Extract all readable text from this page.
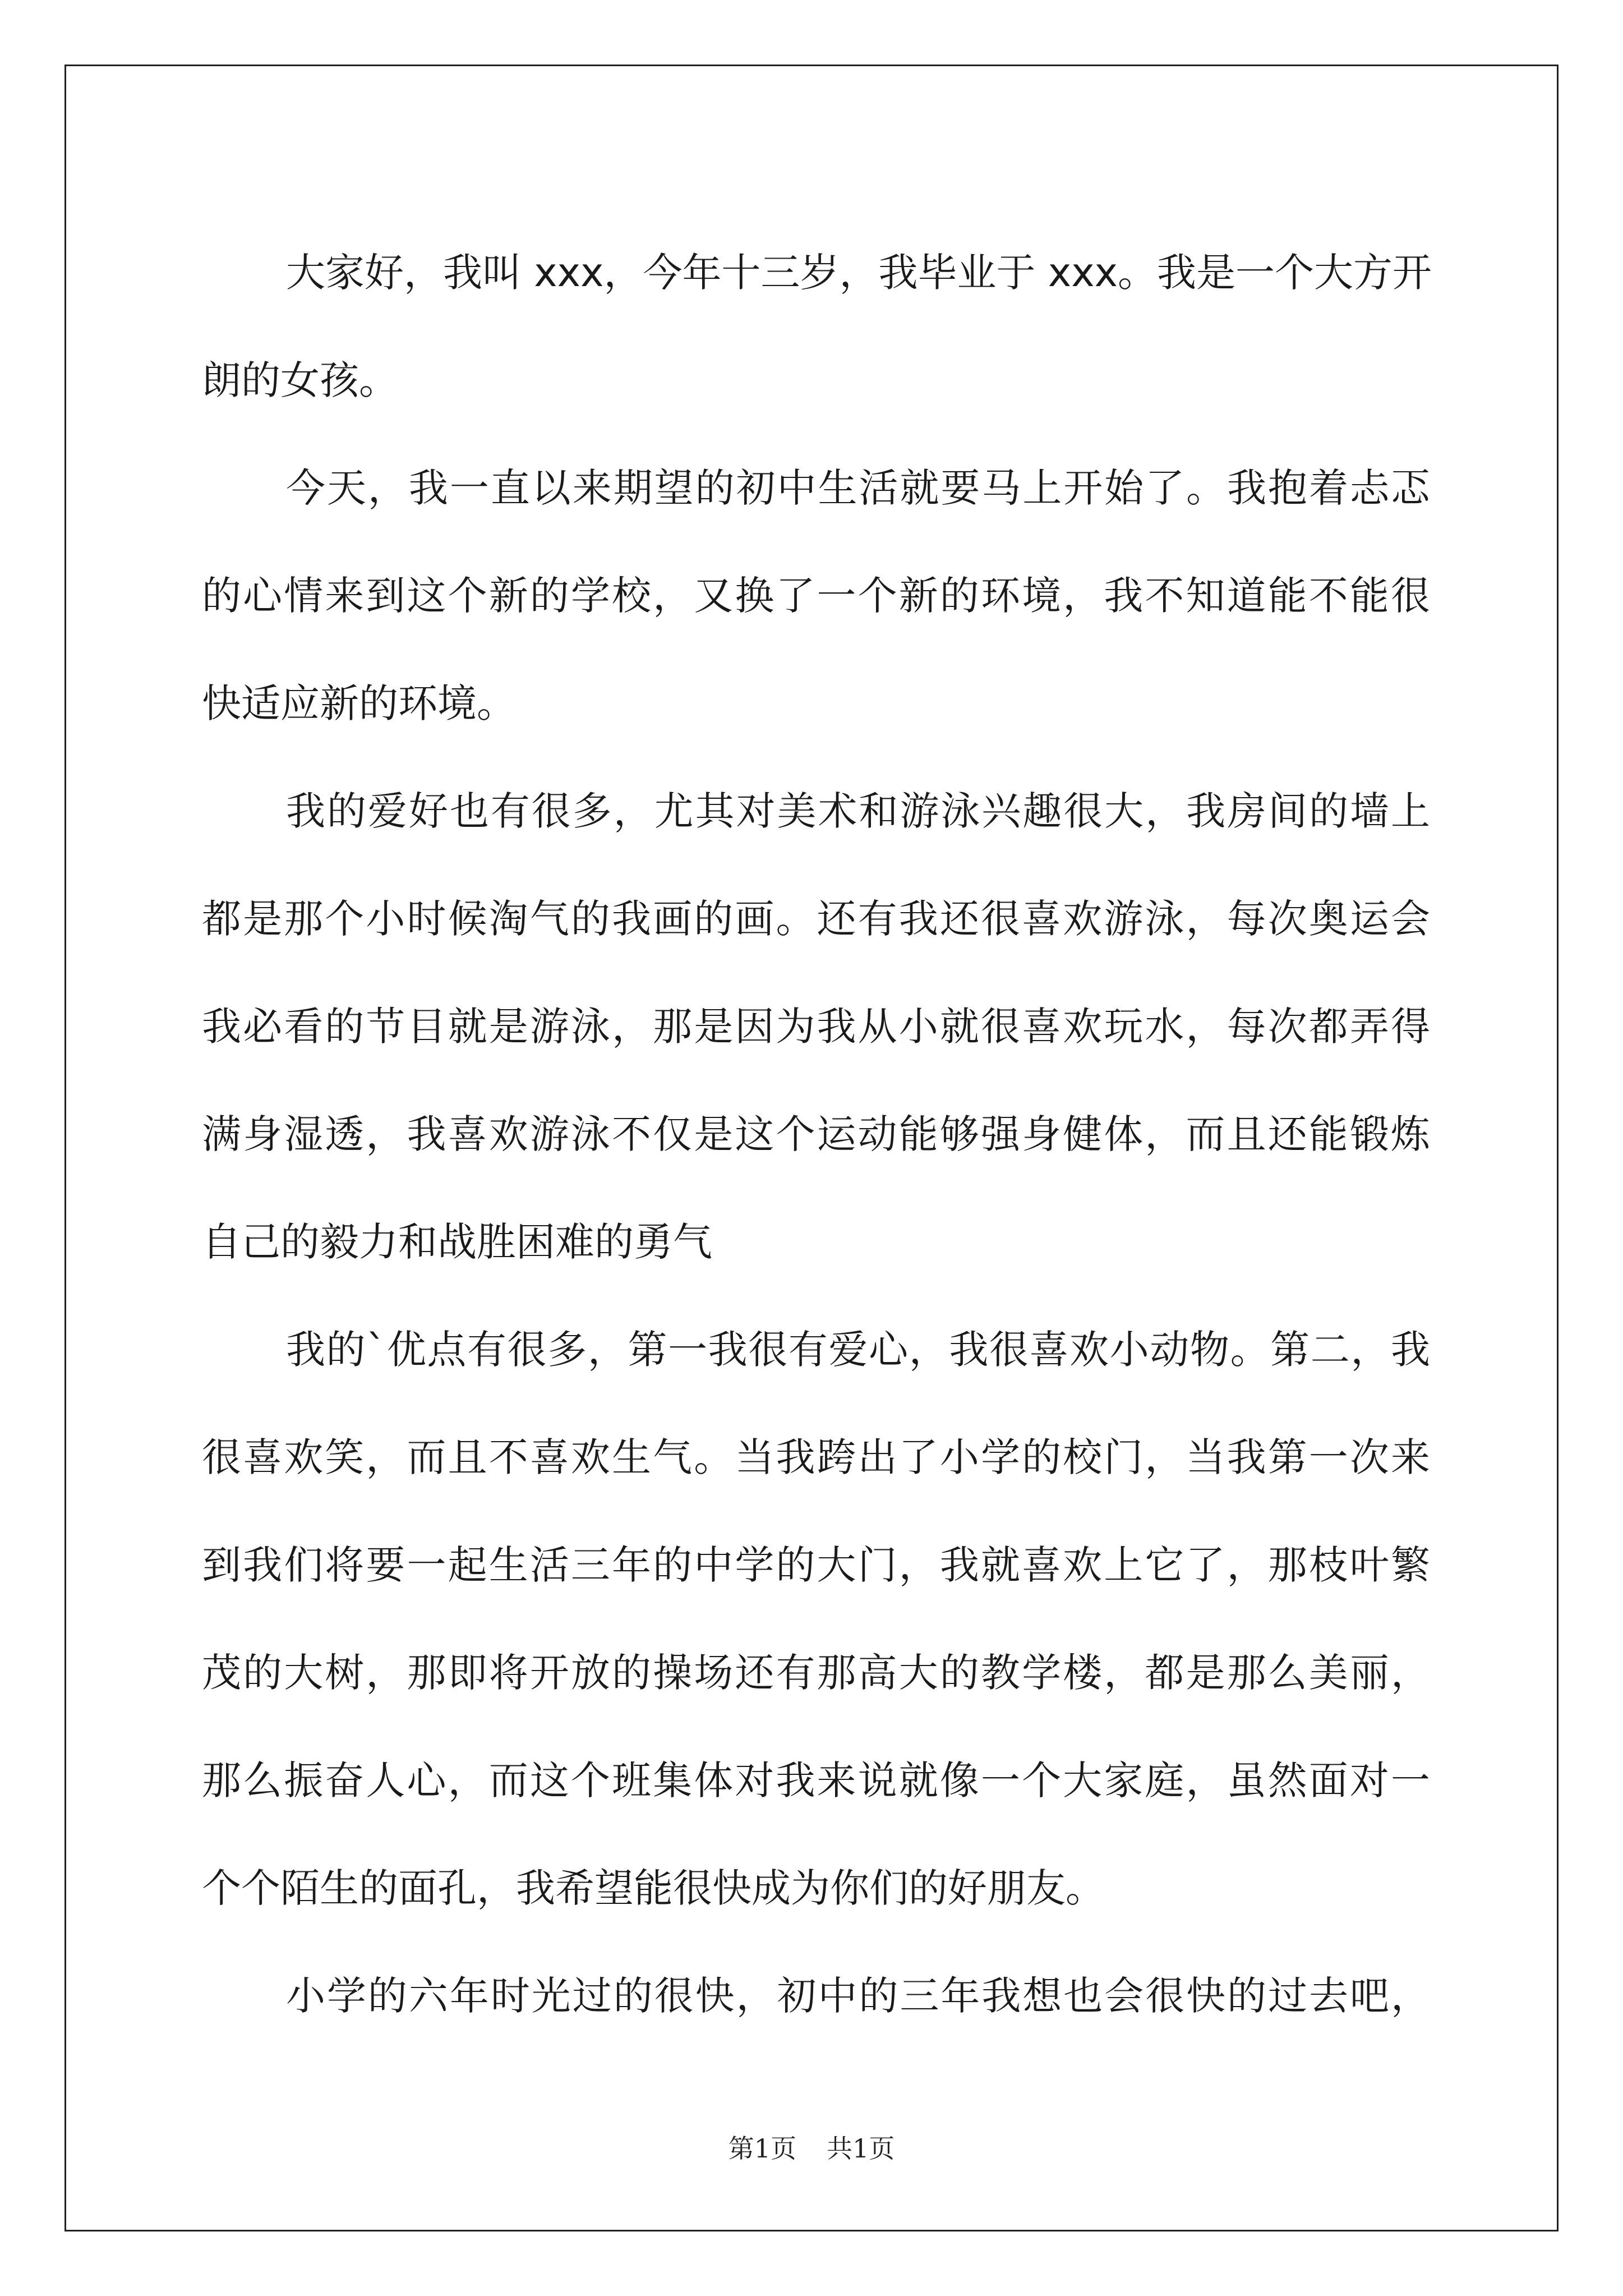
大家好，我叫 xxx，今年十三岁，我毕业于 xxx。我是一个大方开
朗的女孩。
今天，我一直以来期望的初中生活就要马上开始了。我抱着忐忑
的心情来到这个新的学校，又换了一个新的环境，我不知道能不能很
快适应新的环境。
我的爱好也有很多，尤其对美术和游泳兴趣很大，我房间的墙上
都是那个小时候淘气的我画的画。还有我还很喜欢游泳，每次奥运会
我必看的节目就是游泳，那是因为我从小就很喜欢玩水，每次都弄得
满身湿透，我喜欢游泳不仅是这个运动能够强身健体，而且还能锻炼
自己的毅力和战胜困难的勇气
我的`优点有很多，第一我很有爱心，我很喜欢小动物。第二，我
很喜欢笑，而且不喜欢生气。当我跨出了小学的校门，当我第一次来
到我们将要一起生活三年的中学的大门，我就喜欢上它了，那枝叶繁
茂的大树，那即将开放的操场还有那高大的教学楼，都是那么美丽，
那么振奋人心，而这个班集体对我来说就像一个大家庭，虽然面对一
个个陌生的面孔，我希望能很快成为你们的好朋友。
小学的六年时光过的很快，初中的三年我想也会很快的过去吧，
第1页 共1页
